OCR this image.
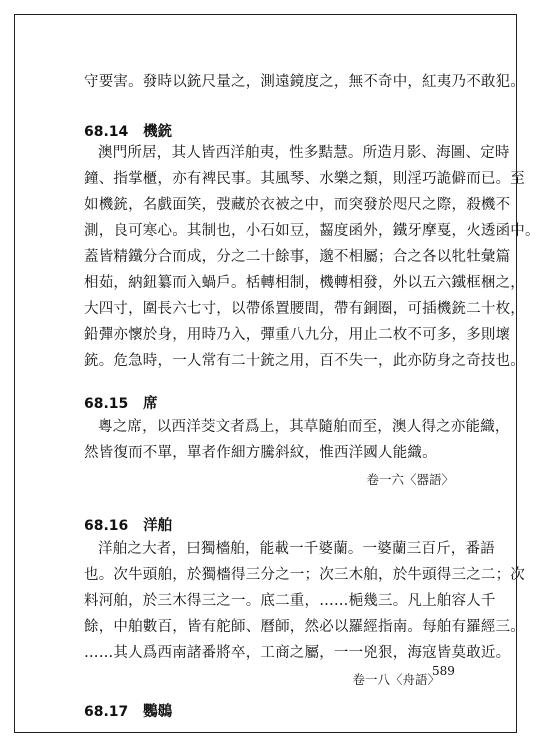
守要害。發時以銃尺量之，測遠鏡度之，無不奇中，紅夷乃不敢犯。
68.14 機銃
澳門所居，其人皆西洋舶夷，性多黠慧。所造月影、海圖、定時
鐘、指掌櫃，亦有裨民事。其風琴、水樂之類，則淫巧詭僻而已。至
如機銃，名戲面笑，弢藏於衣被之中，而突發於咫尺之際，殺機不
測，良可寒心。其制也，小石如豆，齧度函外，鐵牙摩戛，火透函中。
蓋皆精鐵分合而成，分之二十餘事，邈不相屬；合之各以牝牡彙篇
相茹，納鈕纂而入蝸戶。栝轉相制，機轉相發，外以五六鐵框梱之，
大四寸，圍長六七寸，以帶係置腰間，帶有銅圈，可插機銃二十枚，
鉛彈亦懷於身，用時乃入，彈重八九分，用止二枚不可多，多則壞
銃。危急時，一人常有二十銃之用，百不失一，此亦防身之奇技也。
68.15 席
粵之席，以西洋茭文者爲上，其草隨舶而至，澳人得之亦能織，
然皆復而不單，單者作細方騰斜紋，惟西洋國人能織。
卷一六〈器語〉
68.16 洋舶
洋舶之大者，曰獨檣舶，能載一千婆蘭。一婆蘭三百斤，番語
也。次牛頭舶，於獨檣得三分之一；次三木舶，於牛頭得三之二；次
料河舶，於三木得三之一。底二重，……梔幾三。凡上舶容人千
餘，中舶數百，皆有舵師、曆師，然必以羅經指南。每舶有羅經三。
……其人爲西南諸番將卒，工商之屬，一一兇狠，海寇皆莫敢近。
589
卷一八〈舟語〉
68.17 鸚䳇
